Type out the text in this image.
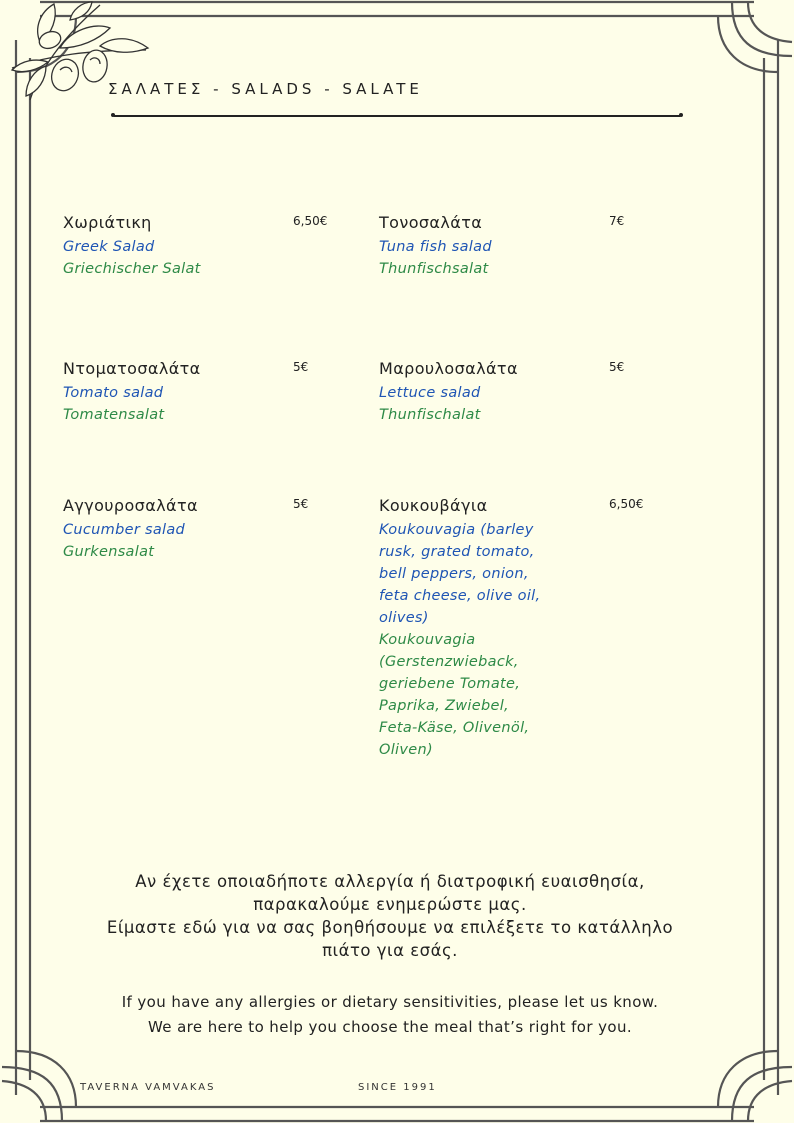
ΣΑΛΑΤΕΣ - SALADS - SALATE
Χωριάτικη	6,50€
Greek Salad
Griechischer Salat
Τονοσαλάτα	7€
Tuna fish salad
Thunfischsalat
Ντοματοσαλάτα	5€
Tomato salad
Tomatensalat
Μαρουλοσαλάτα	5€
Lettuce salad
Thunfischalat
Αγγουροσαλάτα	5€
Cucumber salad
Gurkensalat
Κουκουβάγια	6,50€
Koukouvagia (barley
rusk, grated tomato,
bell peppers, onion,
feta cheese, olive oil,
olives)
Koukouvagia
(Gerstenzwieback,
geriebene Tomate,
Paprika, Zwiebel,
Feta-Käse, Olivenöl,
Oliven)
Αν έχετε οποιαδήποτε αλλεργία ή διατροφική ευαισθησία,
παρακαλούμε ενημερώστε μας.
Είμαστε εδώ για να σας βοηθήσουμε να επιλέξετε το κατάλληλο
πιάτο για εσάς.
If you have any allergies or dietary sensitivities, please let us know.
We are here to help you choose the meal that’s right for you.
TAVERNA VAMVAKAS	SINCE 1991
